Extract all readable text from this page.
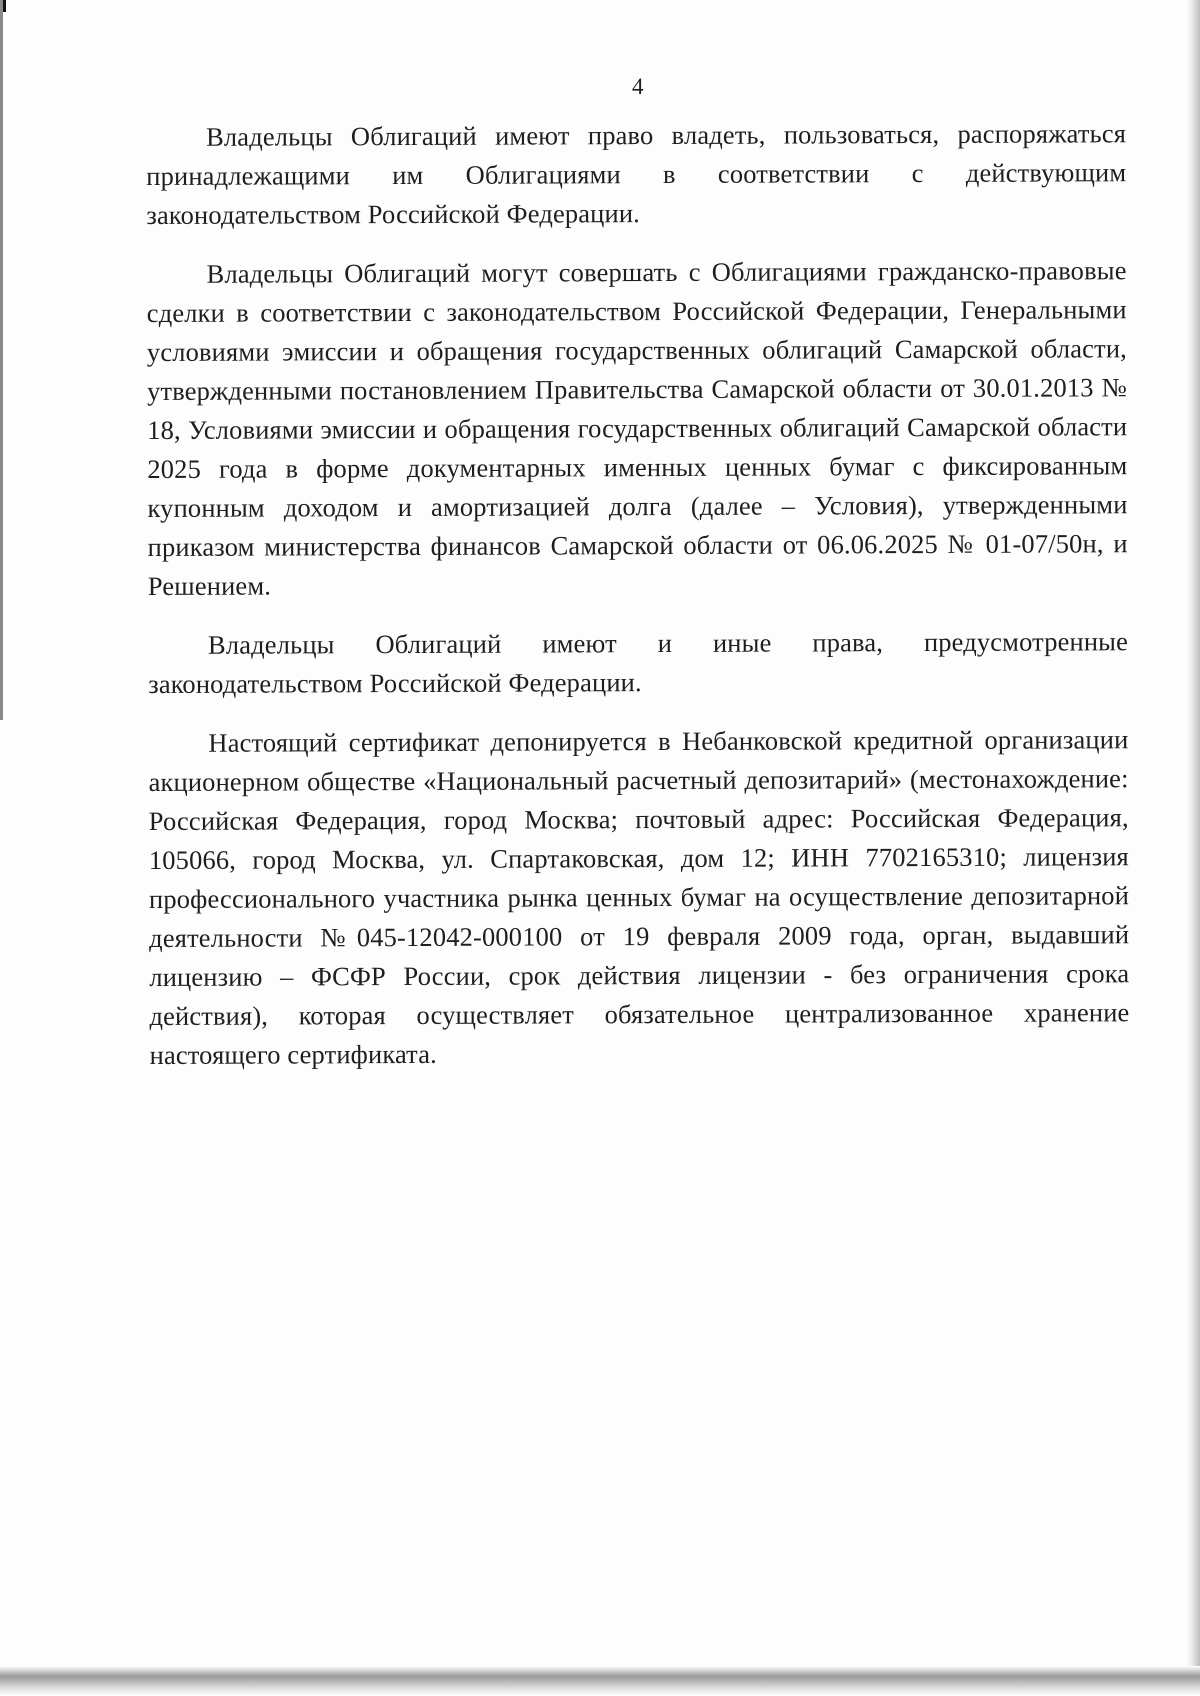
4

Владельцы Облигаций имеют право владеть, пользоваться, распоряжаться принадлежащими им Облигациями в соответствии с действующим законодательством Российской Федерации.

Владельцы Облигаций могут совершать с Облигациями гражданско-правовые сделки в соответствии с законодательством Российской Федерации, Генеральными условиями эмиссии и обращения государственных облигаций Самарской области, утвержденными постановлением Правительства Самарской области от 30.01.2013 № 18, Условиями эмиссии и обращения государственных облигаций Самарской области 2025 года в форме документарных именных ценных бумаг с фиксированным купонным доходом и амортизацией долга (далее – Условия), утвержденными приказом министерства финансов Самарской области от 06.06.2025 № 01-07/50н, и Решением.

Владельцы Облигаций имеют и иные права, предусмотренные законодательством Российской Федерации.

Настоящий сертификат депонируется в Небанковской кредитной организации акционерном обществе «Национальный расчетный депозитарий» (местонахождение: Российская Федерация, город Москва; почтовый адрес: Российская Федерация, 105066, город Москва, ул. Спартаковская, дом 12; ИНН 7702165310; лицензия профессионального участника рынка ценных бумаг на осуществление депозитарной деятельности №045-12042-000100 от 19 февраля 2009 года, орган, выдавший лицензию – ФСФР России, срок действия лицензии - без ограничения срока действия), которая осуществляет обязательное централизованное хранение настоящего сертификата.
